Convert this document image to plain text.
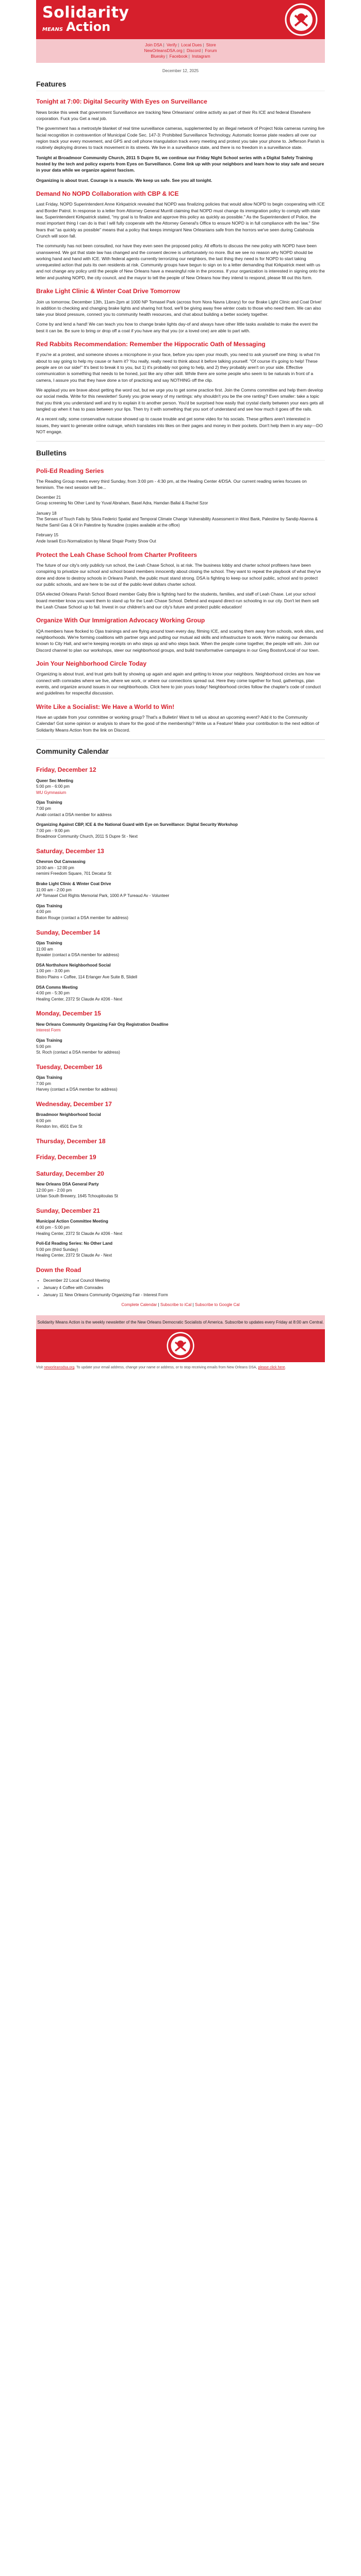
Solidarity
MEANS Action
Join DSA | Verify | Local Dues | Store
NewOrleansDSA.org | Discord | Forum
Bluesky | Facebook | Instagram
December 12, 2025
Features
Tonight at 7:00: Digital Security With Eyes on Surveillance

News broke this week that government Surveillance are tracking New Orleanians' online activity as part of their Rs ICE and federal Elsewhere corporation. Fuck you Get a real job.

The government has a metrostyle blanket of real time surveillance cameras, supplemented by an illegal network of Project Nola cameras running live facial recognition in contravention of Municipal Code Sec. 147-3: Prohibited Surveillance Technology. Automatic license plate readers all over our region track your every movement, and GPS and cell phone triangulation track every meeting and protest you take your phone to. Jefferson Parish is routinely deploying drones to track movement in its streets. We live in a surveillance state, and there is no freedom in a surveillance state.

Tonight at Broadmoor Community Church, 2011 S Dupre St, we continue our Friday Night School series with a Digital Safety Training hosted by the tech and policy experts from Eyes on Surveillance. Come link up with your neighbors and learn how to stay safe and secure in your data while we organize against fascism.

Organizing is about trust. Courage is a muscle. We keep us safe. See you all tonight.

Demand No NOPD Collaboration with CBP & ICE

Last Friday, NOPD Superintendent Anne Kirkpatrick revealed that NOPD was finalizing policies that would allow NOPD to begin cooperating with ICE and Border Patrol. In response to a letter from Attorney General Murrill claiming that NOPD must change its immigration policy to comply with state law, Superintendent Kirkpatrick stated, "my goal is to finalize and approve this policy as quickly as possible." As the Superintendent of Police, the most important thing I can do is that I will fully cooperate with the Attorney General's Office to ensure NOPD is in full compliance with the law." She fears that "as quickly as possible" means that a policy that keeps immigrant New Orleanians safe from the horrors we've seen during Catahoula Crunch will soon fall.

The community has not been consulted, nor have they even seen the proposed policy. All efforts to discuss the new policy with NOPD have been unanswered. We got that state law has changed and the consent decree is unfortunately no more. But we see no reason why NOPD should be working hand and hand with ICE. With federal agents currently terrorizing our neighbors, the last thing they need is for NOPD to start taking unrequested action that puts its own residents at risk. Community groups have begun to sign on to a letter demanding that Kirkpatrick meet with us and not change any policy until the people of New Orleans have a meaningful role in the process. If your organization is interested in signing onto the letter and pushing NOPD, the city council, and the mayor to tell the people of New Orleans how they intend to respond, please fill out this form.

Brake Light Clinic & Winter Coat Drive Tomorrow

Join us tomorrow, December 13th, 11am-2pm at 1000 NP Tomasel Park (across from Nora Navra Library) for our Brake Light Clinic and Coat Drive! In addition to checking and changing brake lights and sharing hot food, we'll be giving away free winter coats to those who need them. We can also take your blood pressure, connect you to community health resources, and chat about building a better society together.

Come by and lend a hand! We can teach you how to change brake lights day-of and always have other little tasks available to make the event the best it can be. Be sure to bring or drop off a coat if you have any that you (or a loved one) are able to part with.

Red Rabbits Recommendation: Remember the Hippocratic Oath of Messaging

If you're at a protest, and someone shoves a microphone in your face, before you open your mouth, you need to ask yourself one thing: is what I'm about to say going to help my cause or harm it? You really, really need to think about it before talking yourself. "Of course it's going to help! These people are on our side!" It's best to break it to you, but 1) it's probably not going to help, and 2) they probably aren't on your side. Effective communication is something that needs to be honed, just like any other skill. While there are some people who seem to be naturals in front of a camera, I assure you that they have done a ton of practicing and say NOTHING off the clip.

We applaud you are brave about getting the word out, but we urge you to get some practice first. Join the Comms committee and help them develop our social media. Write for this newsletter! Surely you grow weary of my rantings: why shouldn't you be the one ranting? Even smaller: take a topic that you think you understand well and try to explain it to another person. You'd be surprised how easily that crystal clarity between your ears gets all tangled up when it has to pass between your lips. Then try it with something that you sort of understand and see how much it goes off the rails.

At a recent rally, some conservative nutcase showed up to cause trouble and get some video for his socials. These grifters aren't interested in issues, they want to generate online outrage, which translates into likes on their pages and money in their pockets. Don't help them in any way—DO NOT engage.

Bulletins
Poli-Ed Reading Series

The Reading Group meets every third Sunday, from 3:00 pm - 4:30 pm, at the Healing Center 4/DSA. Our current reading series focuses on feminism. The next session will be...

December 21
Group screening No Other Land by Yuval Abraham, Basel Adra, Hamdan Ballal & Rachel Szor
January 18
The Senses of Touch Fails by Silvia Federici Spatial and Temporal Climate Change Vulnerability Assessment in West Bank, Palestine by Sandip Abanna & Nezhe Samil Gas & Oil in Palestine by Nuradine (copies available at the office)
February 15
Ande Israeli Eco-Normalization by Manal Shqair Poetry Show Out
Protect the Leah Chase School from Charter Profiteers

The future of our city's only publicly run school, the Leah Chase School, is at risk. The business lobby and charter school profiteers have been conspiring to privatize our school and school board members innocently about closing the school. They want to repeat the playbook of what they've done and done to destroy schools in Orleans Parish, the public must stand strong. DSA is fighting to keep our school public, school and to protect our public schools, and are here to be out of the public-level dollars charter school.

DSA elected Orleans Parish School Board member Gaby Brie is fighting hard for the students, families, and staff of Leah Chase. Let your school board member know you want them to stand up for the Leah Chase School. Defend and expand direct-run schooling in our city. Don't let them sell the Leah Chase School up to fail. Invest in our children's and our city's future and protect public education!

Organize With Our Immigration Advocacy Working Group

IQA members have flocked to Ojas trainings and are flying around town every day, filming ICE, and scaring them away from schools, work sites, and neighborhoods. We're forming coalitions with partner orgs and putting our mutual aid skills and infrastructure to work. We're making our demands known to City Hall, and we're keeping receipts on who steps up and who steps back. When the people come together, the people will win. Join our Discord channel to plan our workshops, steer our neighborhood groups, and build transformative campaigns in our Greg Boston/Local of our town.

Join Your Neighborhood Circle Today

Organizing is about trust, and trust gets built by showing up again and again and getting to know your neighbors. Neighborhood circles are how we connect with comrades where we live, where we work, or where our connections spread out. Here they come together for food, gatherings, plan events, and organize around issues in our neighborhoods. Click here to join yours today! Neighborhood circles follow the chapter's code of conduct and guidelines for respectful discussion.

Write Like a Socialist: We Have a World to Win!

Have an update from your committee or working group? That's a Bulletin! Want to tell us about an upcoming event? Add it to the Community Calendar! Got some opinion or analysis to share for the good of the membership? Write us a Feature! Make your contribution to the next edition of Solidarity Means Action from the link on Discord.

Community Calendar
Friday, December 12
Queer Sec Meeting
5:00 pm - 6:00 pm
WU Gymnasium
Ojas Training
7:00 pm
Avabi contact a DSA member for address
Organizing Against CBP, ICE & the National Guard with Eye on Surveillance: Digital Security Workshop
7:00 pm - 9:00 pm
Broadmoor Community Church, 2011 S Dupre St - Next
Saturday, December 13
Chevron Out Canvassing
10:00 am - 12:00 pm
nemimi Freedom Square, 701 Decatur St
Brake Light Clinic & Winter Coat Drive
11:00 am - 2:00 pm
AP Tomasel Civil Rights Memorial Park, 1000 A P Tureaud Av - Volunteer
Ojas Training
4:00 pm
Baton Rouge (contact a DSA member for address)
Sunday, December 14
Ojas Training
11:00 am
Bywater (contact a DSA member for address)
DSA Northshore Neighborhood Social
1:00 pm - 3:00 pm
Bistro Plains + Coffee, 114 Erlanger Ave Suite B, Slidell
DSA Comms Meeting
4:00 pm - 5:30 pm
Healing Center, 2372 St Claude Av #206 - Next
Monday, December 15
New Orleans Community Organizing Fair Org Registration Deadline
Interest Form
Ojas Training
5:00 pm
St. Roch (contact a DSA member for address)
Tuesday, December 16
Ojas Training
7:00 pm
Harvey (contact a DSA member for address)
Wednesday, December 17
Broadmoor Neighborhood Social
6:00 pm
Rendon Inn, 4501 Eve St
Thursday, December 18
Friday, December 19
Saturday, December 20
New Orleans DSA General Party
12:00 pm - 2:00 pm
Urban South Brewery, 1645 Tchoupitoulas St
Sunday, December 21
Municipal Action Committee Meeting
4:00 pm - 5:00 pm
Healing Center, 2372 St Claude Av #206 - Next
Poli-Ed Reading Series: No Other Land
5:00 pm (third Sunday)
Healing Center, 2372 St Claude Av - Next
Down the Road
• December 22 Local Council Meeting
• January 4 Coffee with Comrades
• January 11 New Orleans Community Organizing Fair - Interest Form
Complete Calendar | Subscribe to iCal | Subscribe to Google Cal
Solidarity Means Action is the weekly newsletter of the New Orleans Democratic Socialists of America. Subscribe to updates every Friday at 8:00 am Central.
Visit neworleansdsa.org. To update your email address, change your name or address, or to stop receiving emails from New Orleans DSA, please click here.
